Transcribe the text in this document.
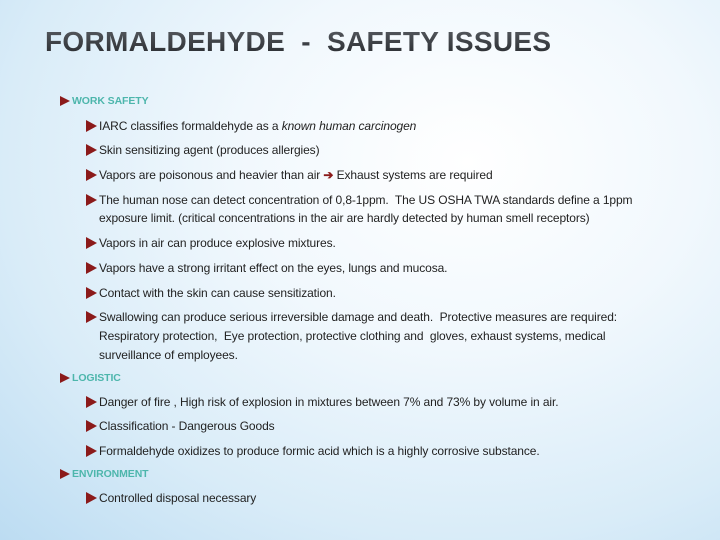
FORMALDEHYDE  -  SAFETY ISSUES
WORK SAFETY
IARC classifies formaldehyde as a known human carcinogen
Skin sensitizing agent (produces allergies)
Vapors are poisonous and heavier than air ➔ Exhaust systems are required
The human nose can detect concentration of 0,8-1ppm.  The US OSHA TWA standards define a 1ppm
exposure limit. (critical concentrations in the air are hardly detected by human smell receptors)
Vapors in air can produce explosive mixtures.
Vapors have a strong irritant effect on the eyes, lungs and mucosa.
Contact with the skin can cause sensitization.
Swallowing can produce serious irreversible damage and death.  Protective measures are required:
Respiratory protection,  Eye protection, protective clothing and  gloves, exhaust systems, medical
surveillance of employees.
LOGISTIC
Danger of fire , High risk of explosion in mixtures between 7% and 73% by volume in air.
Classification - Dangerous Goods
Formaldehyde oxidizes to produce formic acid which is a highly corrosive substance.
ENVIRONMENT
Controlled disposal necessary
